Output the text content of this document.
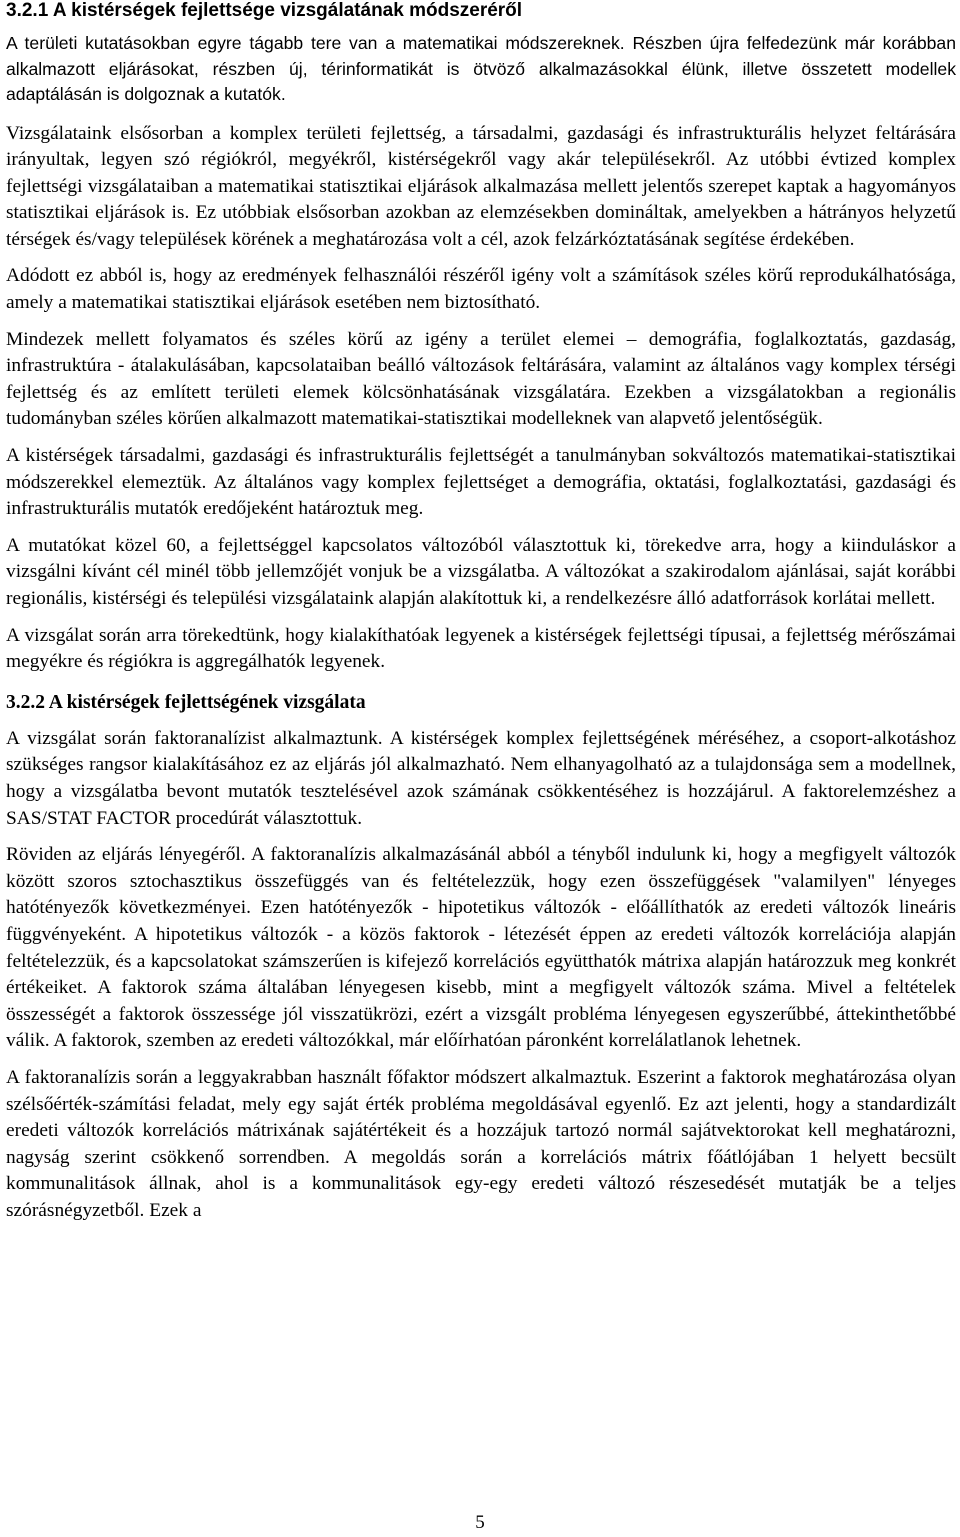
3.2.1 A kistérségek fejlettsége vizsgálatának módszeréről

A területi kutatásokban egyre tágabb tere van a matematikai módszereknek. Részben újra felfedezünk már korábban alkalmazott eljárásokat, részben új, térinformatikát is ötvöző alkalmazásokkal élünk, illetve összetett modellek adaptálásán is dolgoznak a kutatók.

Vizsgálataink elsősorban a komplex területi fejlettség, a társadalmi, gazdasági és infrastrukturális helyzet feltárására irányultak, legyen szó régiókról, megyékről, kistérségekről vagy akár településekről. Az utóbbi évtized komplex fejlettségi vizsgálataiban a matematikai statisztikai eljárások alkalmazása mellett jelentős szerepet kaptak a hagyományos statisztikai eljárások is. Ez utóbbiak elsősorban azokban az elemzésekben domináltak, amelyekben a hátrányos helyzetű térségek és/vagy települések körének a meghatározása volt a cél, azok felzárkóztatásának segítése érdekében.

Adódott ez abból is, hogy az eredmények felhasználói részéről igény volt a számítások széles körű reprodukálhatósága, amely a matematikai statisztikai eljárások esetében nem biztosítható.

Mindezek mellett folyamatos és széles körű az igény a terület elemei – demográfia, foglalkoztatás, gazdaság, infrastruktúra - átalakulásában, kapcsolataiban beálló változások feltárására, valamint az általános vagy komplex térségi fejlettség és az említett területi elemek kölcsönhatásának vizsgálatára. Ezekben a vizsgálatokban a regionális tudományban széles körűen alkalmazott matematikai-statisztikai modelleknek van alapvető jelentőségük.

A kistérségek társadalmi, gazdasági és infrastrukturális fejlettségét a tanulmányban sokváltozós matematikai-statisztikai módszerekkel elemeztük. Az általános vagy komplex fejlettséget a demográfia, oktatási, foglalkoztatási, gazdasági és infrastrukturális mutatók eredőjeként határoztuk meg.

A mutatókat közel 60, a fejlettséggel kapcsolatos változóból választottuk ki, törekedve arra, hogy a kiinduláskor a vizsgálni kívánt cél minél több jellemzőjét vonjuk be a vizsgálatba. A változókat a szakirodalom ajánlásai, saját korábbi regionális, kistérségi és települési vizsgálataink alapján alakítottuk ki, a rendelkezésre álló adatforrások korlátai mellett.

A vizsgálat során arra törekedtünk, hogy kialakíthatóak legyenek a kistérségek fejlettségi típusai, a fejlettség mérőszámai megyékre és régiókra is aggregálhatók legyenek.

3.2.2 A kistérségek fejlettségének vizsgálata

A vizsgálat során faktoranalízist alkalmaztunk. A kistérségek komplex fejlettségének méréséhez, a csoport-alkotáshoz szükséges rangsor kialakításához ez az eljárás jól alkalmazható. Nem elhanyagolható az a tulajdonsága sem a modellnek, hogy a vizsgálatba bevont mutatók tesztelésével azok számának csökkentéséhez is hozzájárul. A faktorelemzéshez a SAS/STAT FACTOR procedúrát választottuk.

Röviden az eljárás lényegéről. A faktoranalízis alkalmazásánál abból a tényből indulunk ki, hogy a megfigyelt változók között szoros sztochasztikus összefüggés van és feltételezzük, hogy ezen összefüggések "valamilyen" lényeges hatótényezők következményei. Ezen hatótényezők - hipotetikus változók - előállíthatók az eredeti változók lineáris függvényeként. A hipotetikus változók - a közös faktorok - létezését éppen az eredeti változók korrelációja alapján feltételezzük, és a kapcsolatokat számszerűen is kifejező korrelációs együtthatók mátrixa alapján határozzuk meg konkrét értékeiket. A faktorok száma általában lényegesen kisebb, mint a megfigyelt változók száma. Mivel a feltételek összességét a faktorok összessége jól visszatükrözi, ezért a vizsgált probléma lényegesen egyszerűbbé, áttekinthetőbbé válik. A faktorok, szemben az eredeti változókkal, már előírhatóan páronként korrelálatlanok lehetnek.

A faktoranalízis során a leggyakrabban használt főfaktor módszert alkalmaztuk. Eszerint a faktorok meghatározása olyan szélsőérték-számítási feladat, mely egy saját érték probléma megoldásával egyenlő. Ez azt jelenti, hogy a standardizált eredeti változók korrelációs mátrixának sajátértékeit és a hozzájuk tartozó normál sajátvektorokat kell meghatározni, nagyság szerint csökkenő sorrendben. A megoldás során a korrelációs mátrix főátlójában 1 helyett becsült kommunalitások állnak, ahol is a kommunalitások egy-egy eredeti változó részesedését mutatják be a teljes szórásnégyzetből. Ezek a

5
